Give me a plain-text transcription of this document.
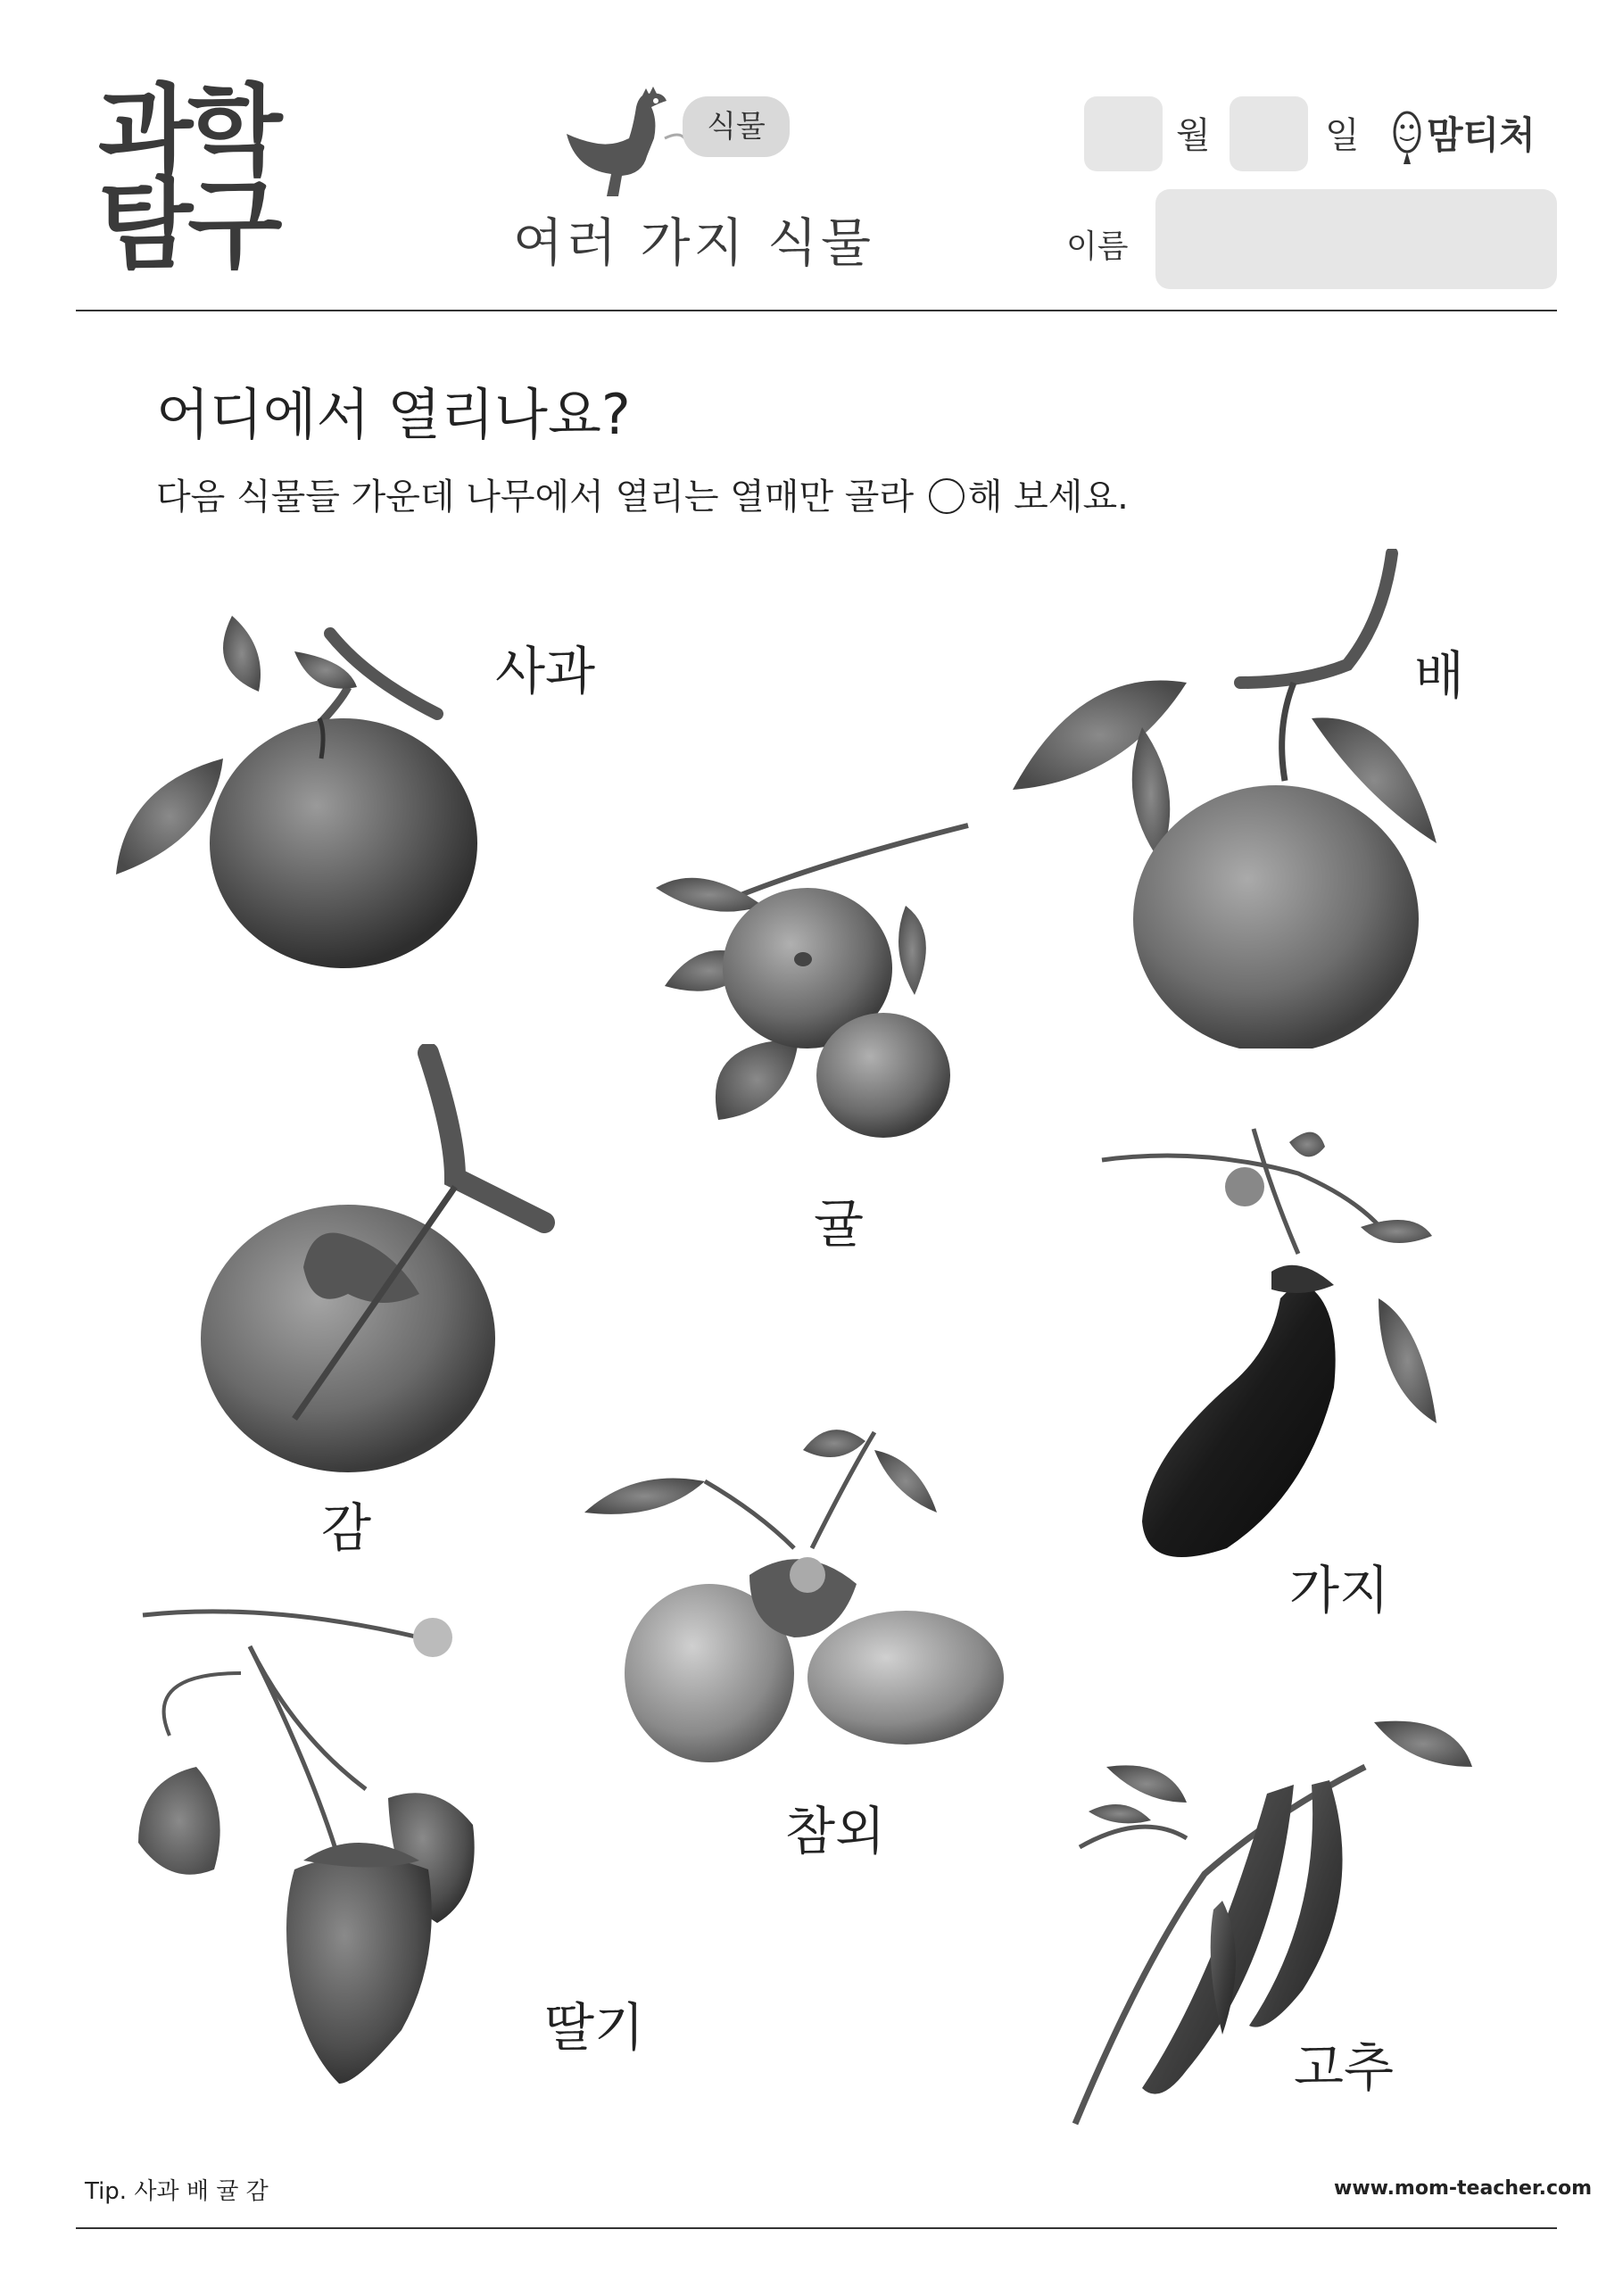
과학
탐구
식물
여러 가지 식물
월	일 맘티처
이름
어디에서 열리나요?
다음 식물들 가운데 나무에서 열리는 열매만 골라 ○ 해 보세요.
사과
귤
배
감
가지
참외
딸기
고추
Tip. 사과 배 귤 감	www.mom-teacher.com
